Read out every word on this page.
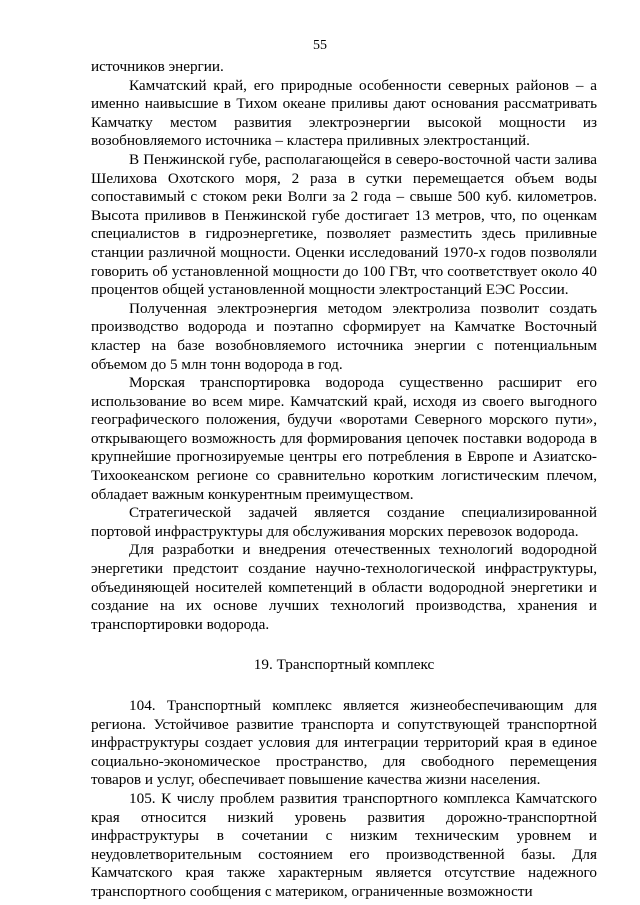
55

источников энергии.

Камчатский край, его природные особенности северных районов – а именно наивысшие в Тихом океане приливы дают основания рассматривать Камчатку местом развития электроэнергии высокой мощности из возобновляемого источника – кластера приливных электростанций.

В Пенжинской губе, располагающейся в северо-восточной части залива Шелихова Охотского моря, 2 раза в сутки перемещается объем воды сопоставимый с стоком реки Волги за 2 года – свыше 500 куб. километров. Высота приливов в Пенжинской губе достигает 13 метров, что, по оценкам специалистов в гидроэнергетике, позволяет разместить здесь приливные станции различной мощности. Оценки исследований 1970-х годов позволяли говорить об установленной мощности до 100 ГВт, что соответствует около 40 процентов общей установленной мощности электростанций ЕЭС России.

Полученная электроэнергия методом электролиза позволит создать производство водорода и поэтапно сформирует на Камчатке Восточный кластер на базе возобновляемого источника энергии с потенциальным объемом до 5 млн тонн водорода в год.

Морская транспортировка водорода существенно расширит его использование во всем мире. Камчатский край, исходя из своего выгодного географического положения, будучи «воротами Северного морского пути», открывающего возможность для формирования цепочек поставки водорода в крупнейшие прогнозируемые центры его потребления в Европе и Азиатско-Тихоокеанском регионе со сравнительно коротким логистическим плечом, обладает важным конкурентным преимуществом.

Стратегической задачей является создание специализированной портовой инфраструктуры для обслуживания морских перевозок водорода.

Для разработки и внедрения отечественных технологий водородной энергетики предстоит создание научно-технологической инфраструктуры, объединяющей носителей компетенций в области водородной энергетики и создание на их основе лучших технологий производства, хранения и транспортировки водорода.

19. Транспортный комплекс

104. Транспортный комплекс является жизнеобеспечивающим для региона. Устойчивое развитие транспорта и сопутствующей транспортной инфраструктуры создает условия для интеграции территорий края в единое социально-экономическое пространство, для свободного перемещения товаров и услуг, обеспечивает повышение качества жизни населения.

105. К числу проблем развития транспортного комплекса Камчатского края относится низкий уровень развития дорожно-транспортной инфраструктуры в сочетании с низким техническим уровнем и неудовлетворительным состоянием его производственной базы. Для Камчатского края также характерным является отсутствие надежного транспортного сообщения с материком, ограниченные возможности
